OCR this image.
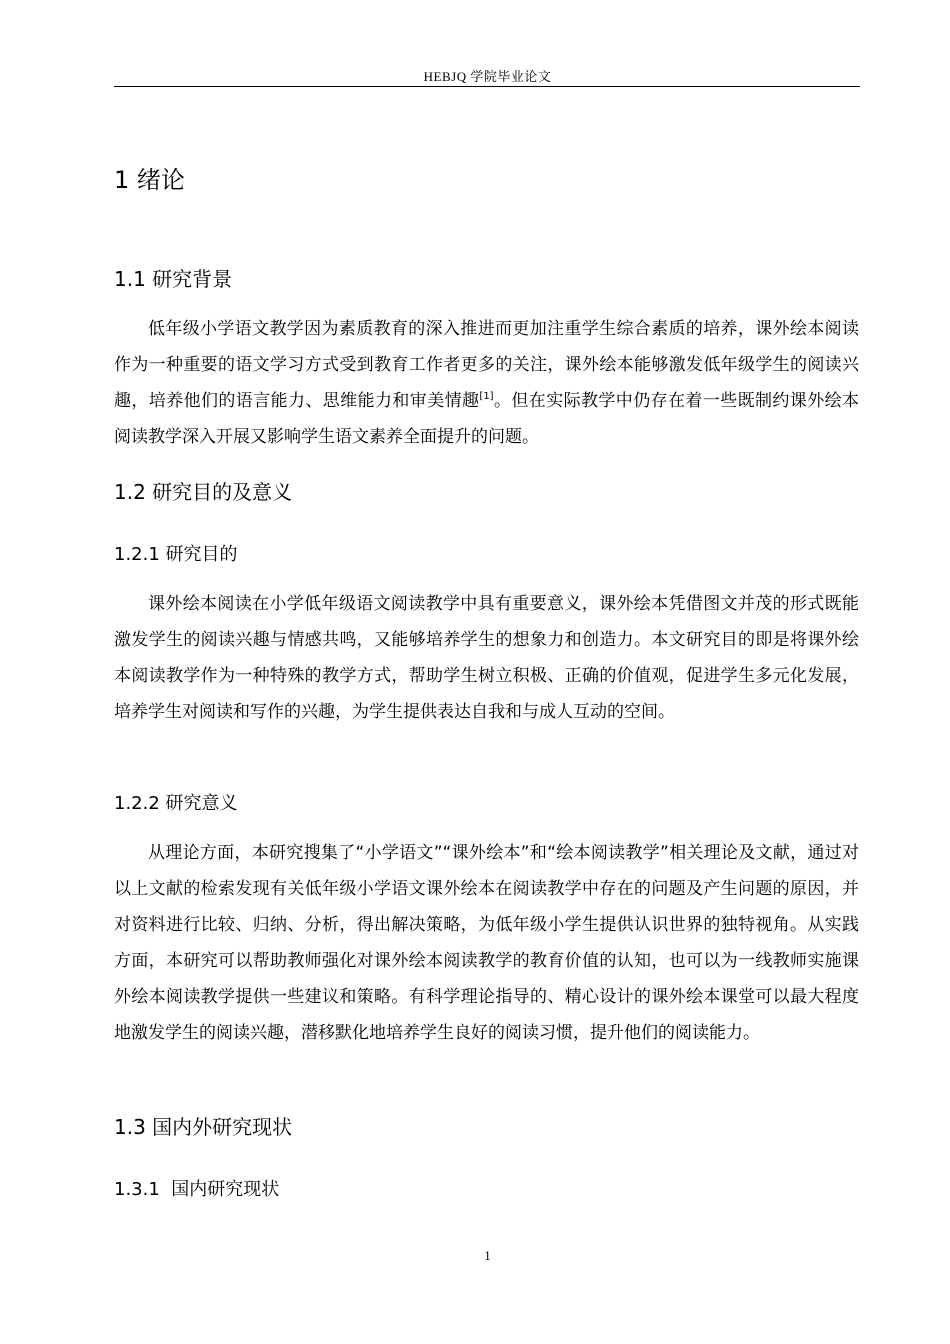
HEBJQ 学院毕业论文
1 绪论
1.1 研究背景

低年级小学语文教学因为素质教育的深入推进而更加注重学生综合素质的培养，课外绘本阅读作为一种重要的语文学习方式受到教育工作者更多的关注，课外绘本能够激发低年级学生的阅读兴趣，培养他们的语言能力、思维能力和审美情趣[1]。但在实际教学中仍存在着一些既制约课外绘本阅读教学深入开展又影响学生语文素养全面提升的问题。

1.2 研究目的及意义
1.2.1 研究目的

课外绘本阅读在小学低年级语文阅读教学中具有重要意义，课外绘本凭借图文并茂的形式既能激发学生的阅读兴趣与情感共鸣，又能够培养学生的想象力和创造力。本文研究目的即是将课外绘本阅读教学作为一种特殊的教学方式，帮助学生树立积极、正确的价值观，促进学生多元化发展，培养学生对阅读和写作的兴趣，为学生提供表达自我和与成人互动的空间。

1.2.2 研究意义

从理论方面，本研究搜集了“小学语文”“课外绘本”和“绘本阅读教学”相关理论及文献，通过对以上文献的检索发现有关低年级小学语文课外绘本在阅读教学中存在的问题及产生问题的原因，并对资料进行比较、归纳、分析，得出解决策略，为低年级小学生提供认识世界的独特视角。从实践方面，本研究可以帮助教师强化对课外绘本阅读教学的教育价值的认知，也可以为一线教师实施课外绘本阅读教学提供一些建议和策略。有科学理论指导的、精心设计的课外绘本课堂可以最大程度地激发学生的阅读兴趣，潜移默化地培养学生良好的阅读习惯，提升他们的阅读能力。

1.3 国内外研究现状
1.3.1  国内研究现状
1
